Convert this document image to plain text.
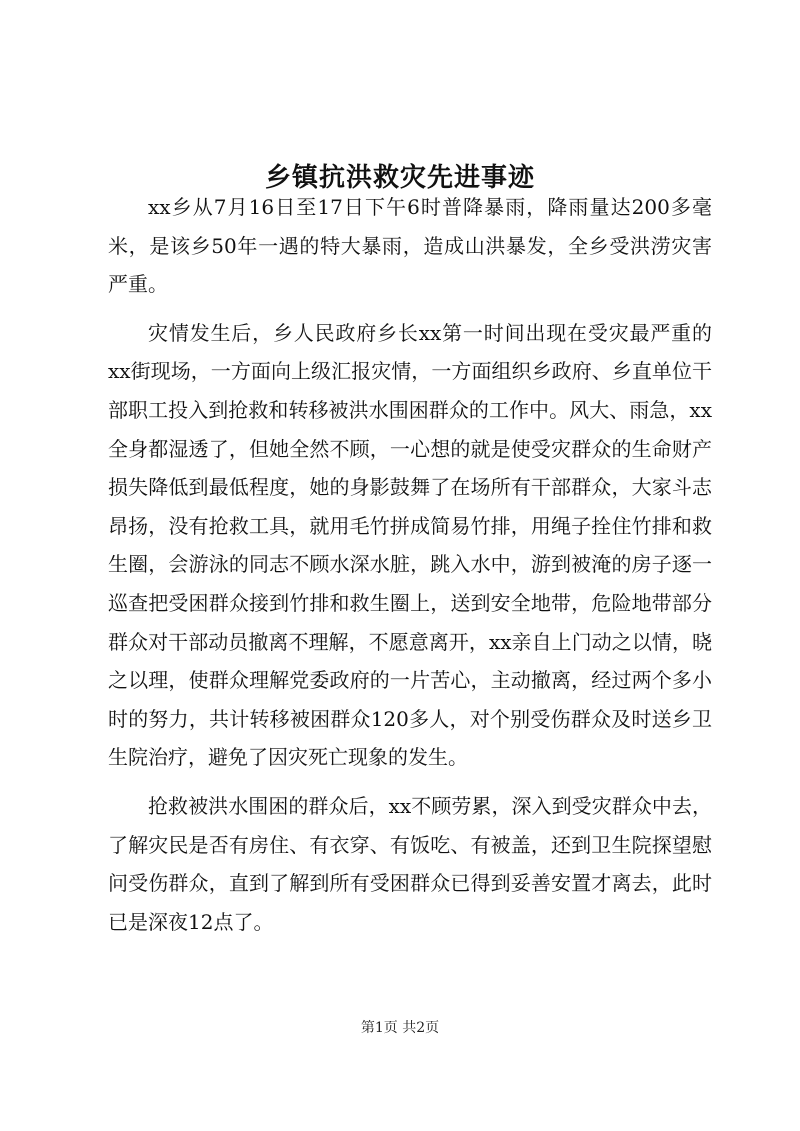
乡镇抗洪救灾先进事迹

xx乡从7月16日至17日下午6时普降暴雨，降雨量达200多毫米，是该乡50年一遇的特大暴雨，造成山洪暴发，全乡受洪涝灾害严重。

灾情发生后，乡人民政府乡长xx第一时间出现在受灾最严重的xx街现场，一方面向上级汇报灾情，一方面组织乡政府、乡直单位干部职工投入到抢救和转移被洪水围困群众的工作中。风大、雨急，xx全身都湿透了，但她全然不顾，一心想的就是使受灾群众的生命财产损失降低到最低程度，她的身影鼓舞了在场所有干部群众，大家斗志昂扬，没有抢救工具，就用毛竹拼成简易竹排，用绳子拴住竹排和救生圈，会游泳的同志不顾水深水脏，跳入水中，游到被淹的房子逐一巡查把受困群众接到竹排和救生圈上，送到安全地带，危险地带部分群众对干部动员撤离不理解，不愿意离开，xx亲自上门动之以情，晓之以理，使群众理解党委政府的一片苦心，主动撤离，经过两个多小时的努力，共计转移被困群众120多人，对个别受伤群众及时送乡卫生院治疗，避免了因灾死亡现象的发生。

抢救被洪水围困的群众后，xx不顾劳累，深入到受灾群众中去，了解灾民是否有房住、有衣穿、有饭吃、有被盖，还到卫生院探望慰问受伤群众，直到了解到所有受困群众已得到妥善安置才离去，此时已是深夜12点了。

第1页 共2页
